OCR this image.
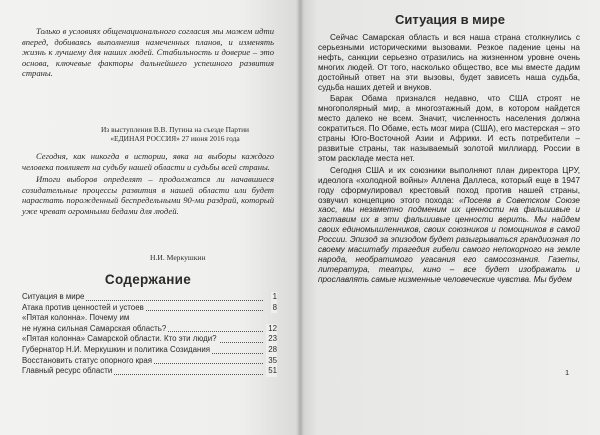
Только в условиях общенационального согласия мы можем идти вперед, добиваясь выполнения намеченных планов, и изменять жизнь к лучшему для наших людей. Стабильность и доверие – это основа, ключевые факторы дальнейшего успешного развития страны.
Из выступления В.В. Путина на съезде Партии
«ЕДИНАЯ РОССИЯ» 27 июня 2016 года

Сегодня, как никогда в истории, явка на выборы каждого человека повлияет на судьбу нашей области и судьбы всей страны.

Итоги выборов определят – продолжатся ли начавшиеся созидательные процессы развития в нашей области или будет нарастать порожденный беспредельными 90-ми раздрай, который уже чреват огромными бедами для людей.

Н.И. Меркушкин
Содержание
Ситуация в мире	1
Атака против ценностей и устоев	8
«Пятая колонна». Почему им
не нужна сильная Самарская область?	12
«Пятая колонна» Самарской области. Кто эти люди?	23
Губернатор Н.И. Меркушкин и политика Созидания	28
Восстановить статус опорного края	35
Главный ресурс области	51
Ситуация в мире

Сейчас Самарская область и вся наша страна столкнулись с серьезными историческими вызовами. Резкое падение цены на нефть, санкции серьезно отразились на жизненном уровне очень многих людей. От того, насколько общество, все мы вместе дадим достойный ответ на эти вызовы, будет зависеть наша судьба, судьба наших детей и внуков.

Барак Обама признался недавно, что США строят не многополярный мир, а многоэтажный дом, в котором найдется место далеко не всем. Значит, численность населения должна сократиться. По Обаме, есть мозг мира (США), его мастерская – это страны Юго-Восточной Азии и Африки. И есть потребители – развитые страны, так называемый золотой миллиард. России в этом раскладе места нет.

Сегодня США и их союзники выполняют план директора ЦРУ, идеолога «холодной войны» Аллена Даллеса, который еще в 1947 году сформулировал крестовый поход против нашей страны, озвучил концепцию этого похода: «Посеяв в Советском Союзе хаос, мы незаметно подменим их ценности на фальшивые и заставим их в эти фальшивые ценности верить. Мы найдем своих единомышленников, своих союзников и помощников в самой России. Эпизод за эпизодом будет разыгрываться грандиозная по своему масштабу трагедия гибели самого непокорного на земле народа, необратимого угасания его самосознания. Газеты, литература, театры, кино – все будет изображать и прославлять самые низменные человеческие чувства. Мы будем

1
